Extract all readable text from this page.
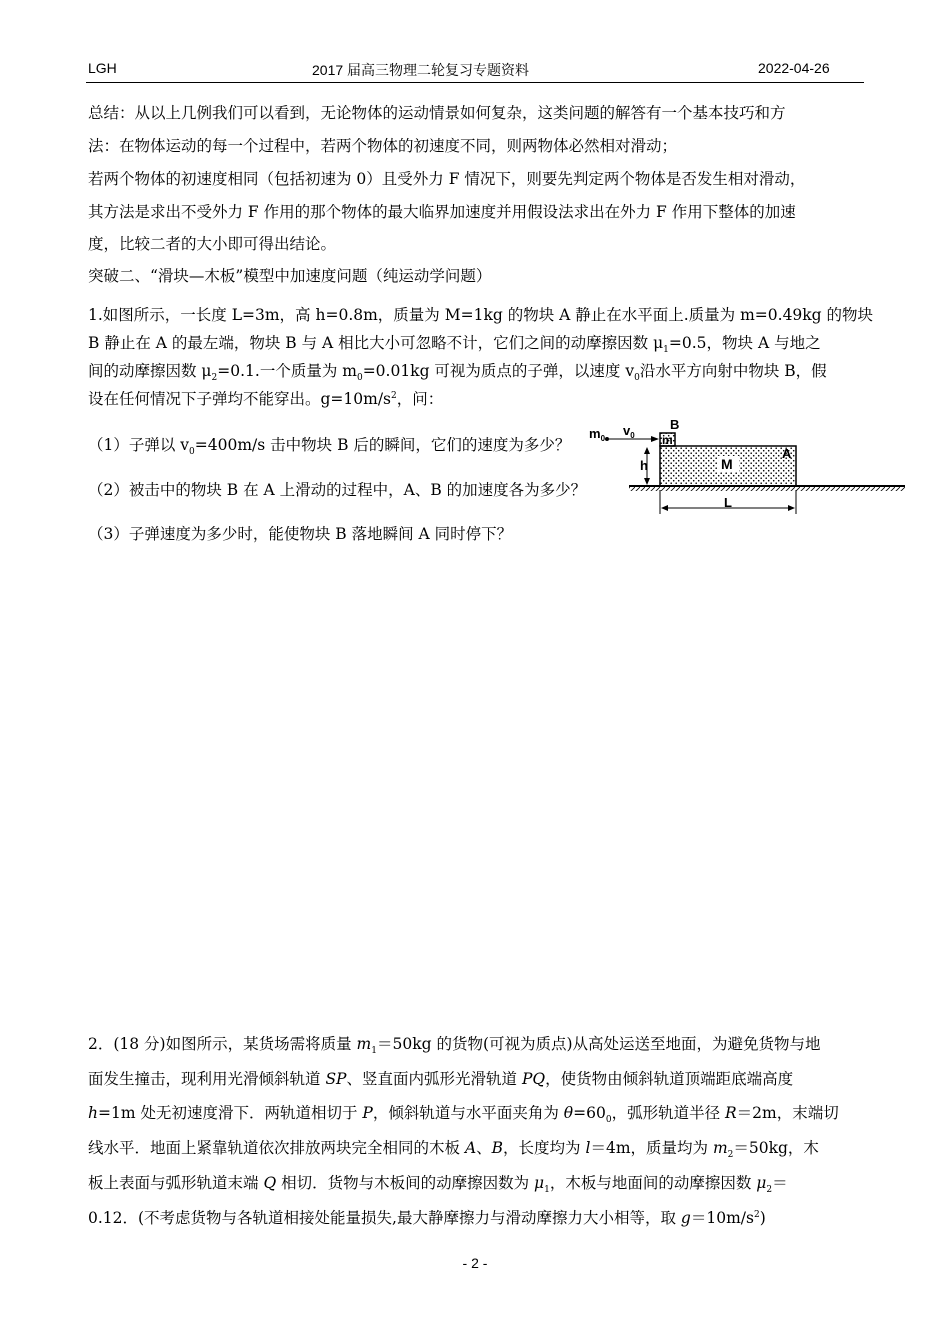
LGH	2017 届高三物理二轮复习专题资料	2022-04-26
总结：从以上几例我们可以看到，无论物体的运动情景如何复杂，这类问题的解答有一个基本技巧和方
法：在物体运动的每一个过程中，若两个物体的初速度不同，则两物体必然相对滑动；
若两个物体的初速度相同（包括初速为 0）且受外力 F 情况下，则要先判定两个物体是否发生相对滑动，
其方法是求出不受外力 F 作用的那个物体的最大临界加速度并用假设法求出在外力 F 作用下整体的加速
度，比较二者的大小即可得出结论。
突破二、“滑块—木板”模型中加速度问题（纯运动学问题）
1.如图所示，一长度 L=3m，高 h=0.8m，质量为 M=1kg 的物块 A 静止在水平面上.质量为 m=0.49kg 的物块
B 静止在 A 的最左端，物块 B 与 A 相比大小可忽略不计，它们之间的动摩擦因数 $\mu_1=0.5$，物块 A 与地之
间的动摩擦因数 $\mu_2=0.1$.一个质量为 $m_0=0.01kg$ 可视为质点的子弹，以速度 $v_0$沿水平方向射中物块 B，假
设在任何情况下子弹均不能穿出。$g=10m/s^2$，问：
（1）子弹以 $v_0=400m/s$ 击中物块 B 后的瞬间，它们的速度为多少？
（2）被击中的物块 B 在 A 上滑动的过程中，A、B 的加速度各为多少？
（3）子弹速度为多少时，能使物块 B 落地瞬间 A 同时停下？
$m_0$
$v_0$
B
m
h	M
A
L
2．(18 分)如图所示，某货场需将质量 $m_1=50kg$ 的货物(可视为质点)从高处运送至地面，为避免货物与地
面发生撞击，现利用光滑倾斜轨道 SP、竖直面内弧形光滑轨道 PQ，使货物由倾斜轨道顶端距底端高度
h=1m 处无初速度滑下．两轨道相切于 P，倾斜轨道与水平面夹角为 $\theta=60_0$，弧形轨道半径 R＝2m，末端切
线水平．地面上紧靠轨道依次排放两块完全相同的木板 A、B，长度均为 l＝4m，质量均为 $m_2=50kg$，木
板上表面与弧形轨道末端 Q 相切．货物与木板间的动摩擦因数为 $\mu_1$，木板与地面间的动摩擦因数 $\mu_2=$
0.12．(不考虑货物与各轨道相接处能量损失,最大静摩擦力与滑动摩擦力大小相等，取 $g=10m/s^2$)
- 2 -
